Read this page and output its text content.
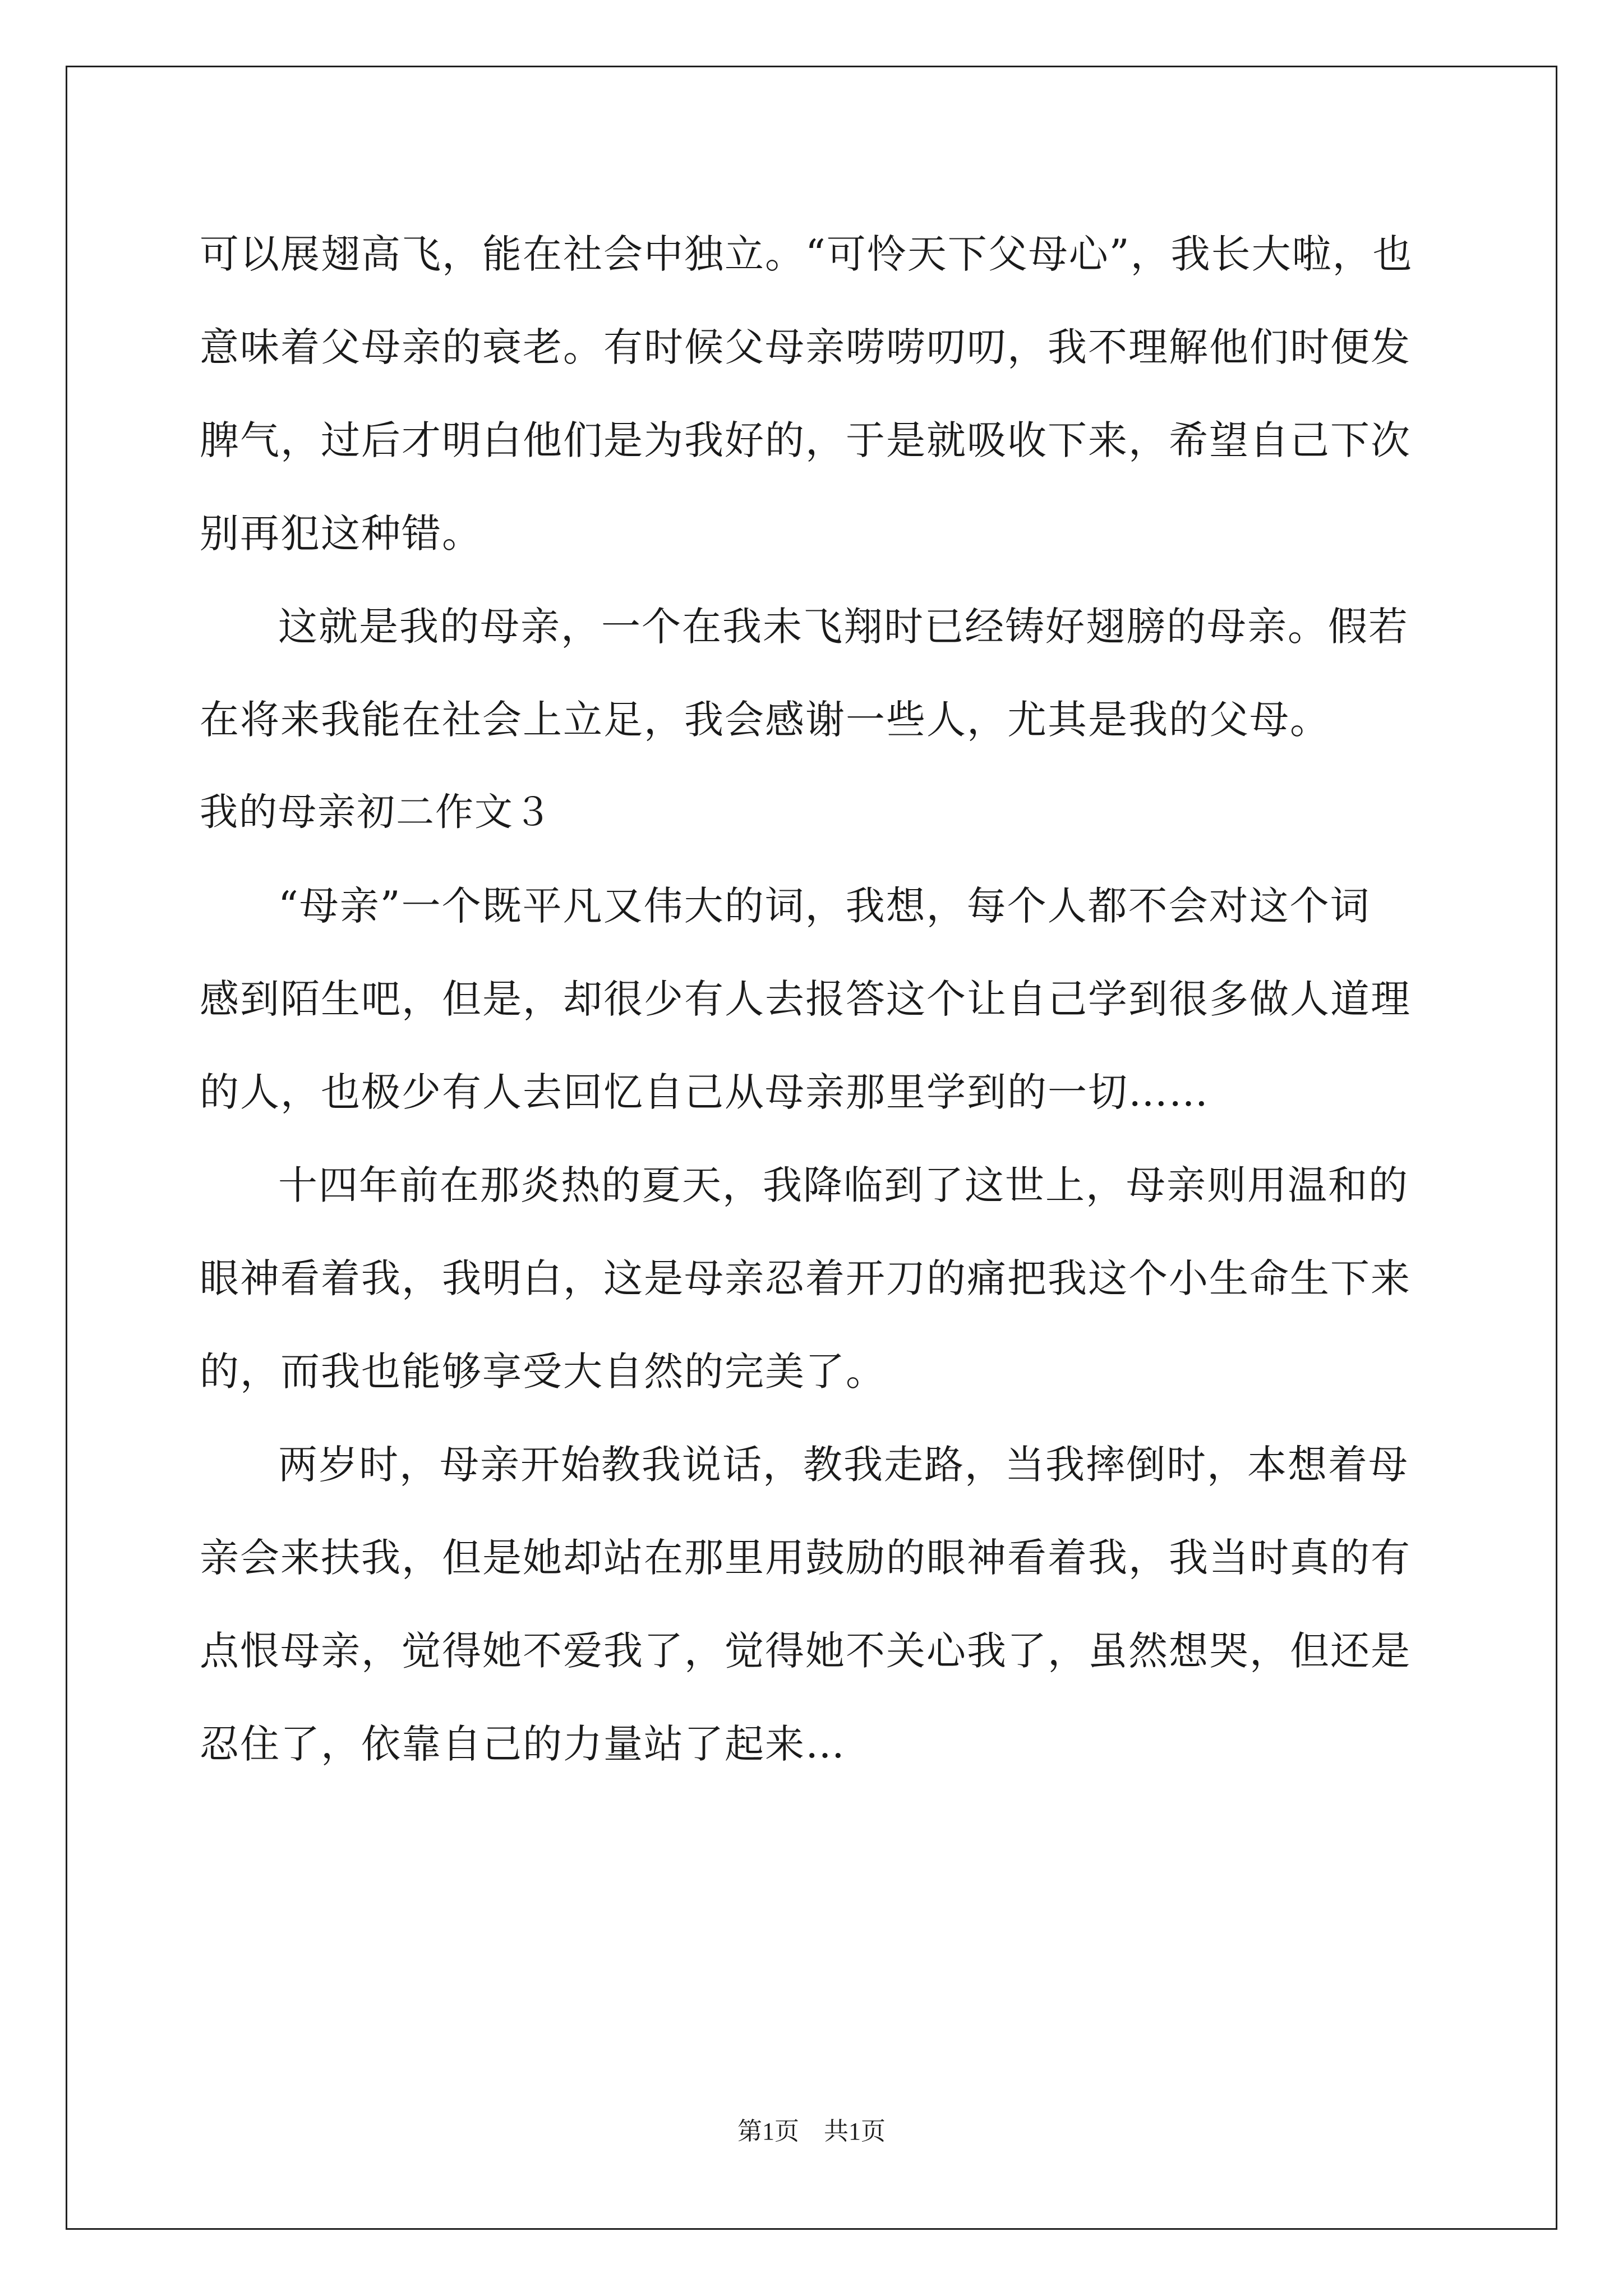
可以展翅高飞，能在社会中独立。“可怜天下父母心”，我长大啦，也
意味着父母亲的衰老。有时候父母亲唠唠叨叨，我不理解他们时便发
脾气，过后才明白他们是为我好的，于是就吸收下来，希望自己下次
别再犯这种错。
这就是我的母亲，一个在我未飞翔时已经铸好翅膀的母亲。假若
在将来我能在社会上立足，我会感谢一些人，尤其是我的父母。
我的母亲初二作文３
“母亲”一个既平凡又伟大的词，我想，每个人都不会对这个词
感到陌生吧，但是，却很少有人去报答这个让自己学到很多做人道理
的人，也极少有人去回忆自己从母亲那里学到的一切……
十四年前在那炎热的夏天，我降临到了这世上，母亲则用温和的
眼神看着我，我明白，这是母亲忍着开刀的痛把我这个小生命生下来
的，而我也能够享受大自然的完美了。
两岁时，母亲开始教我说话，教我走路，当我摔倒时，本想着母
亲会来扶我，但是她却站在那里用鼓励的眼神看着我，我当时真的有
点恨母亲，觉得她不爱我了，觉得她不关心我了，虽然想哭，但还是
忍住了，依靠自己的力量站了起来…
第1页　共1页
